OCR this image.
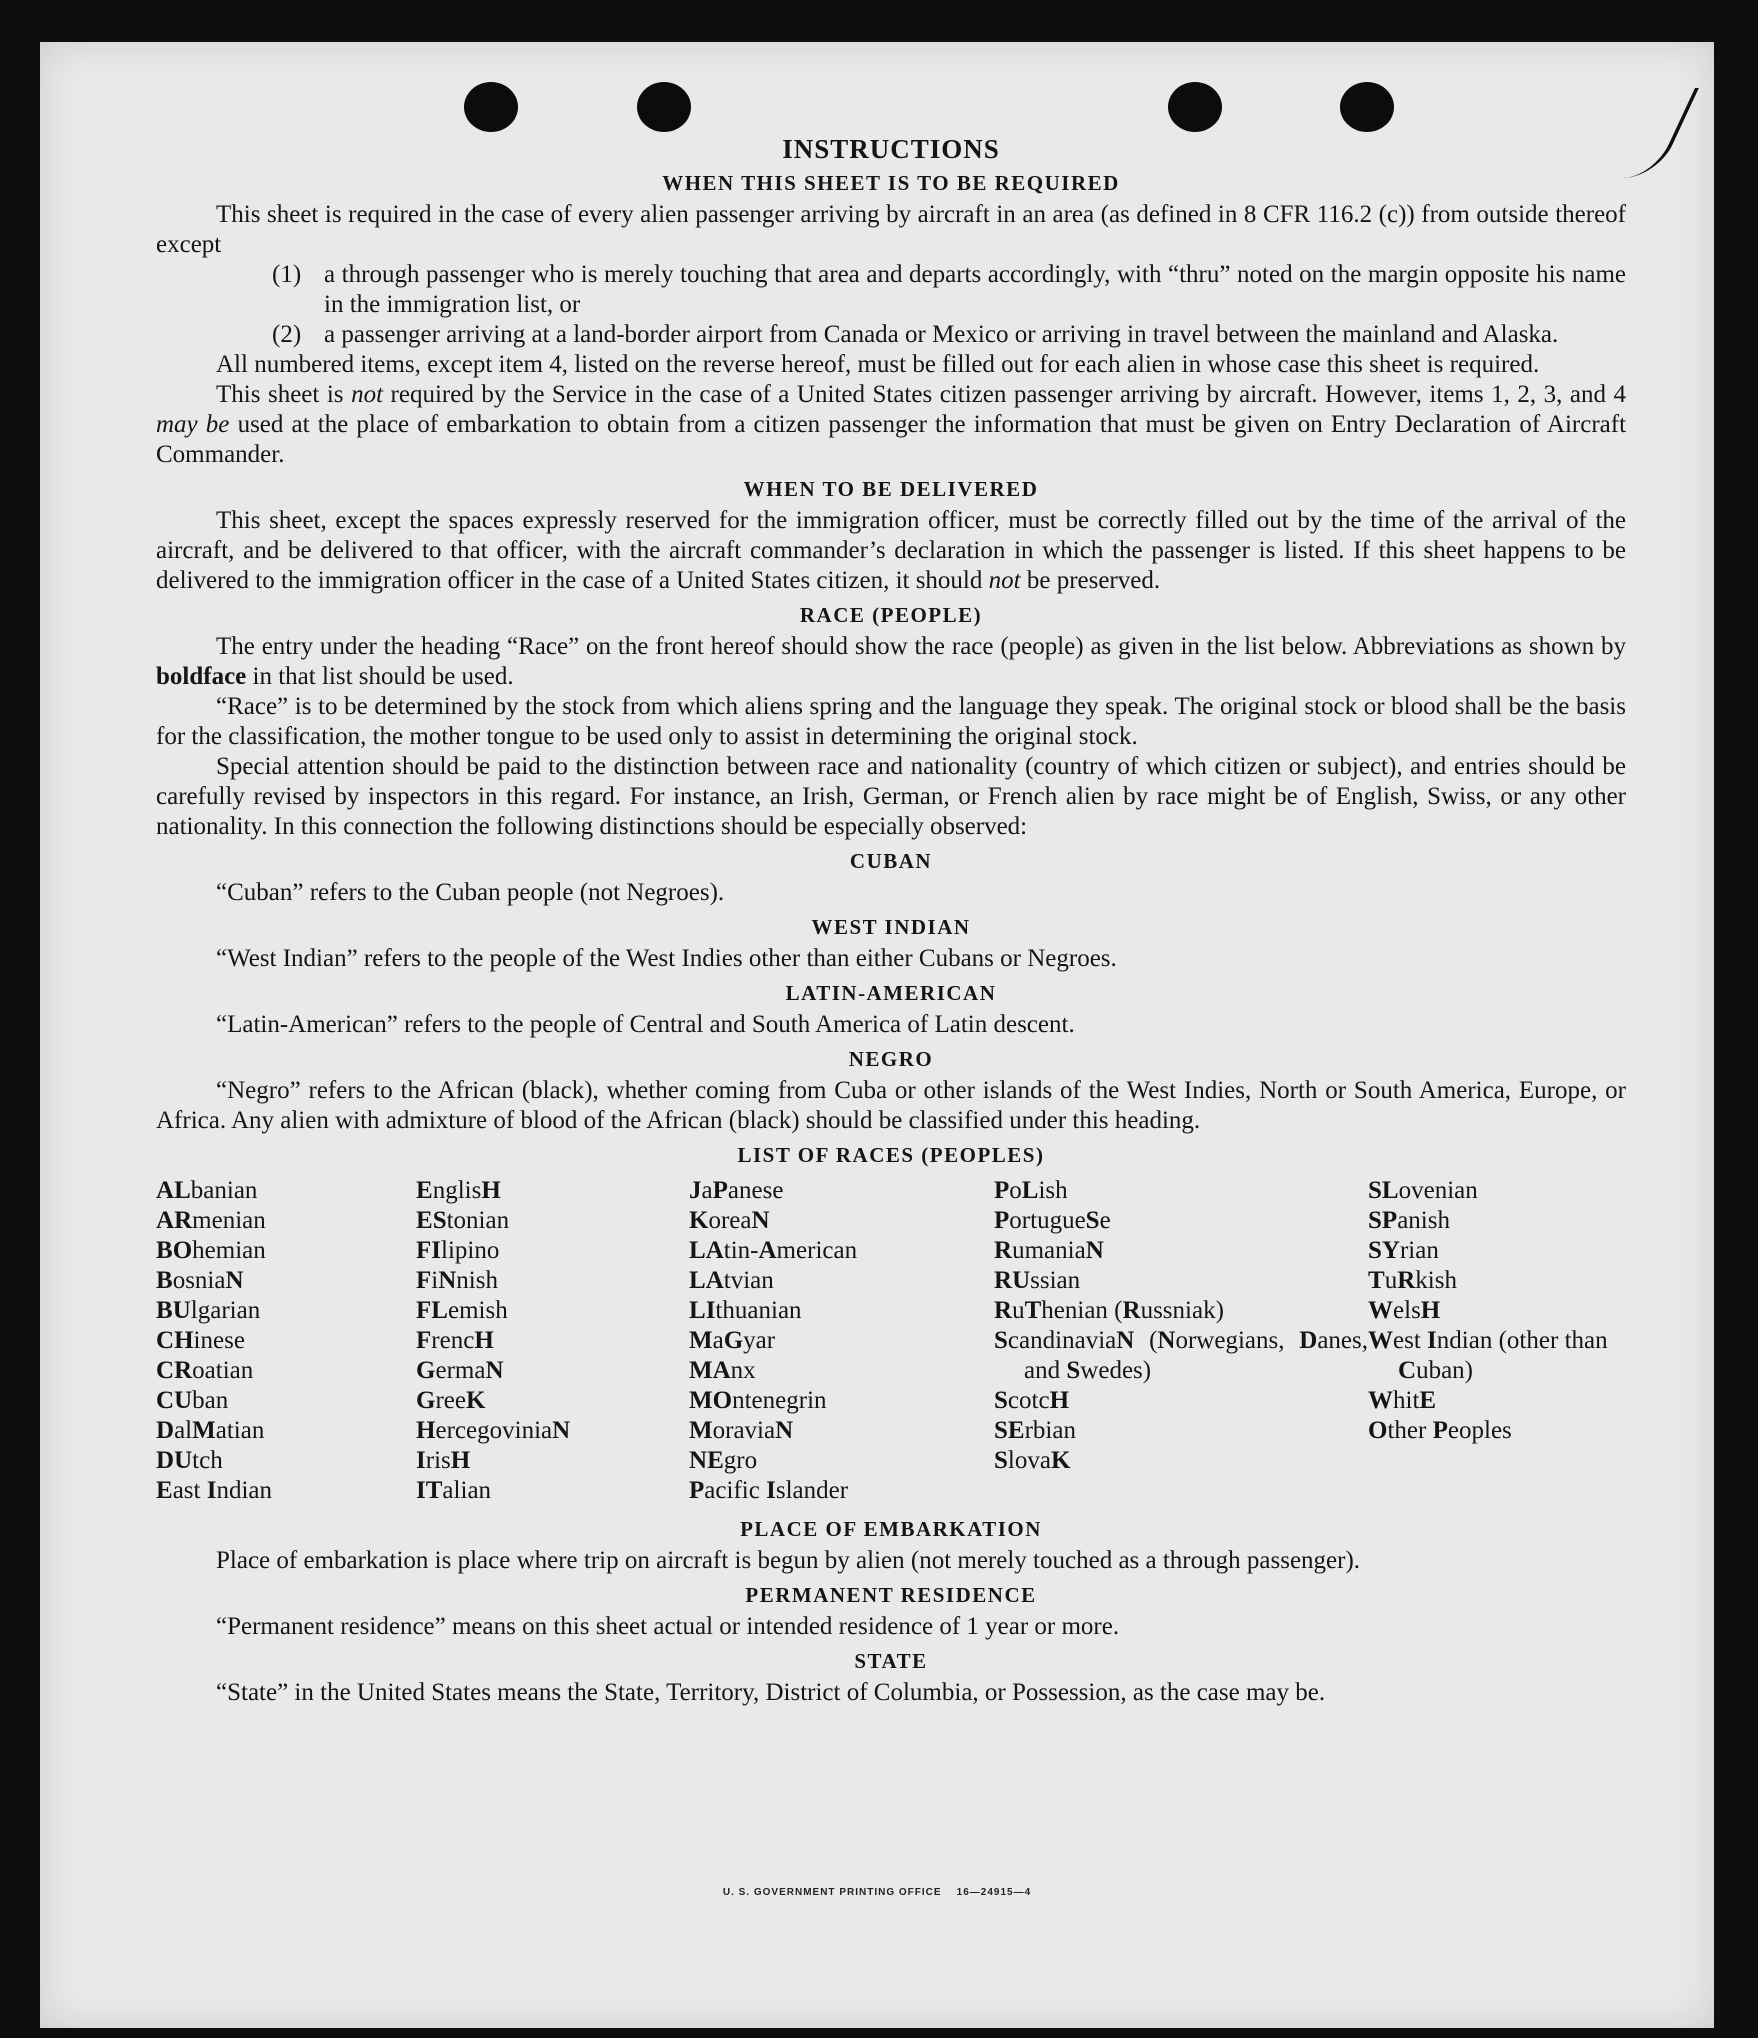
INSTRUCTIONS
WHEN THIS SHEET IS TO BE REQUIRED

This sheet is required in the case of every alien passenger arriving by aircraft in an area (as defined in 8 CFR 116.2 (c)) from outside thereof except

(1) a through passenger who is merely touching that area and departs accordingly, with “thru” noted on the margin opposite his name in the immigration list, or
(2) a passenger arriving at a land-border airport from Canada or Mexico or arriving in travel between the mainland and Alaska.

All numbered items, except item 4, listed on the reverse hereof, must be filled out for each alien in whose case this sheet is required.

This sheet is not required by the Service in the case of a United States citizen passenger arriving by aircraft. However, items 1, 2, 3, and 4 may be used at the place of embarkation to obtain from a citizen passenger the information that must be given on Entry Declaration of Aircraft Commander.

WHEN TO BE DELIVERED

This sheet, except the spaces expressly reserved for the immigration officer, must be correctly filled out by the time of the arrival of the aircraft, and be delivered to that officer, with the aircraft commander’s declaration in which the passenger is listed. If this sheet happens to be delivered to the immigration officer in the case of a United States citizen, it should not be preserved.

RACE (PEOPLE)

The entry under the heading “Race” on the front hereof should show the race (people) as given in the list below. Abbreviations as shown by boldface in that list should be used.

“Race” is to be determined by the stock from which aliens spring and the language they speak. The original stock or blood shall be the basis for the classification, the mother tongue to be used only to assist in determining the original stock.

Special attention should be paid to the distinction between race and nationality (country of which citizen or subject), and entries should be carefully revised by inspectors in this regard. For instance, an Irish, German, or French alien by race might be of English, Swiss, or any other nationality. In this connection the following distinctions should be especially observed:

CUBAN

“Cuban” refers to the Cuban people (not Negroes).

WEST INDIAN

“West Indian” refers to the people of the West Indies other than either Cubans or Negroes.

LATIN-AMERICAN

“Latin-American” refers to the people of Central and South America of Latin descent.

NEGRO

“Negro” refers to the African (black), whether coming from Cuba or other islands of the West Indies, North or South America, Europe, or Africa. Any alien with admixture of blood of the African (black) should be classified under this heading.

LIST OF RACES (PEOPLES)
ALbanian
ARmenian
BOhemian
BosniaN
BUlgarian
CHinese
CRoatian
CUban
DalMatian
DUtch
East Indian
EnglisH
EStonian
FIlipino
FiNnish
FLemish
FrencH
GermaN
GreeK
HercegoviniaN
IrisH
ITalian
JaPanese
KoreaN
LAtin-American
LAtvian
LIthuanian
MaGyar
MAnx
MOntenegrin
MoraviaN
NEgro
Pacific Islander
PoLish
PortugueSe
RumaniaN
RUssian
RuThenian (Russniak)
ScandinaviaN (Norwegians, Danes, and Swedes)
ScotcH
SErbian
SlovaK
SLovenian
SPanish
SYrian
TuRkish
WelsH
West Indian (other than Cuban)
WhitE
Other Peoples
PLACE OF EMBARKATION

Place of embarkation is place where trip on aircraft is begun by alien (not merely touched as a through passenger).

PERMANENT RESIDENCE

“Permanent residence” means on this sheet actual or intended residence of 1 year or more.

STATE

“State” in the United States means the State, Territory, District of Columbia, or Possession, as the case may be.

U. S. GOVERNMENT PRINTING OFFICE    16—24915—4
